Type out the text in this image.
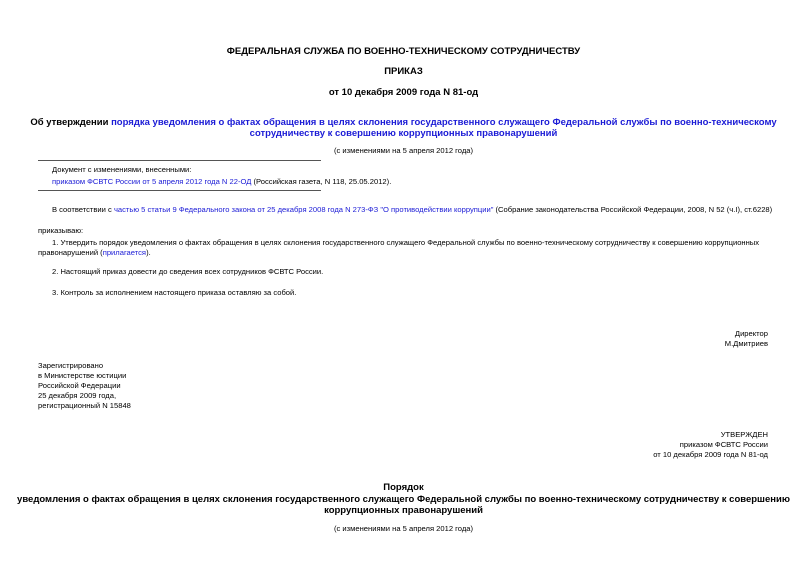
ФЕДЕРАЛЬНАЯ СЛУЖБА ПО ВОЕННО-ТЕХНИЧЕСКОМУ СОТРУДНИЧЕСТВУ
ПРИКАЗ
от 10 декабря 2009 года N 81-од
Об утверждении порядка уведомления о фактах обращения в целях склонения государственного служащего Федеральной службы по военно-техническому
сотрудничеству к совершению коррупционных правонарушений
(с изменениями на 5 апреля 2012 года)
Документ с изменениями, внесенными:
приказом ФСВТС России от 5 апреля 2012 года N 22-ОД (Российская газета, N 118, 25.05.2012).
В соответствии с частью 5 статьи 9 Федерального закона от 25 декабря 2008 года N 273-ФЗ "О противодействии коррупции" (Собрание законодательства Российской Федерации, 2008, N 52 (ч.I), ст.6228)
приказываю:
1. Утвердить порядок уведомления о фактах обращения в целях склонения государственного служащего Федеральной службы по военно-техническому сотрудничеству к совершению коррупционных
правонарушений (прилагается).
2. Настоящий приказ довести до сведения всех сотрудников ФСВТС России.
3. Контроль за исполнением настоящего приказа оставляю за собой.
Директор
М.Дмитриев
Зарегистрировано
в Министерстве юстиции
Российской Федерации
25 декабря 2009 года,
регистрационный N 15848
УТВЕРЖДЕН
приказом ФСВТС России
от 10 декабря 2009 года N 81-од
Порядок
уведомления о фактах обращения в целях склонения государственного служащего Федеральной службы по военно-техническому сотрудничеству к совершению
коррупционных правонарушений
(с изменениями на 5 апреля 2012 года)
